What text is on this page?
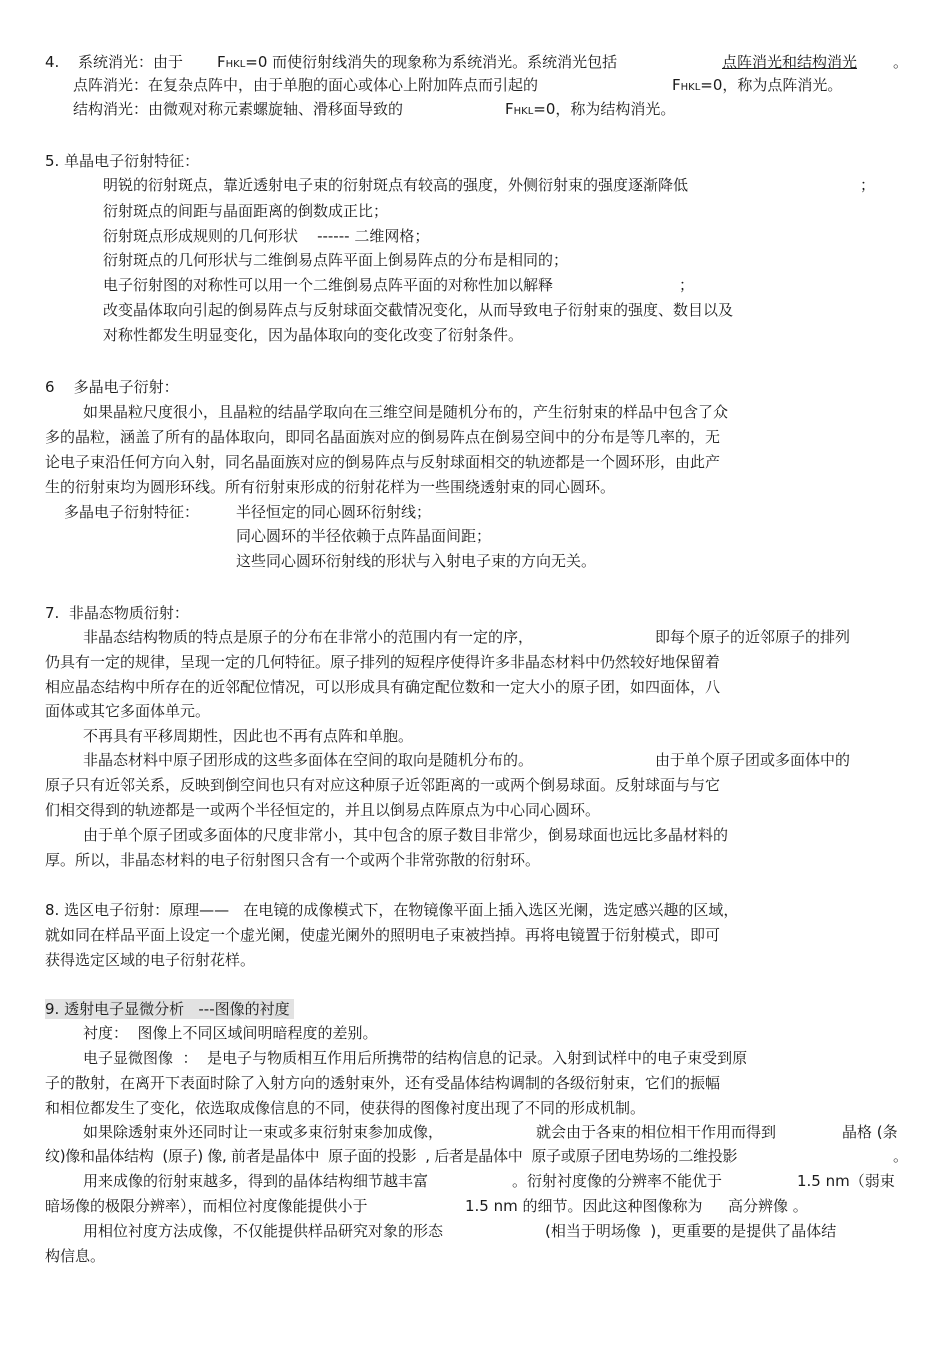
4. 系统消光：由于 FHKL=0 而使衍射线消失的现象称为系统消光。系统消光包括	点阵消光和结构消光 。
点阵消光：在复杂点阵中，由于单胞的面心或体心上附加阵点而引起的	FHKL=0，称为点阵消光。
结构消光：由微观对称元素螺旋轴、滑移面导致的	FHKL=0，称为结构消光。
5. 单晶电子衍射特征：
明锐的衍射斑点，靠近透射电子束的衍射斑点有较高的强度，外侧衍射束的强度逐渐降低	；
衍射斑点的间距与晶面距离的倒数成正比；
衍射斑点形成规则的几何形状    ------ 二维网格；
衍射斑点的几何形状与二维倒易点阵平面上倒易阵点的分布是相同的；
电子衍射图的对称性可以用一个二维倒易点阵平面的对称性加以解释	；
改变晶体取向引起的倒易阵点与反射球面交截情况变化，从而导致电子衍射束的强度、数目以及
对称性都发生明显变化，因为晶体取向的变化改变了衍射条件。
6    多晶电子衍射：
如果晶粒尺度很小，且晶粒的结晶学取向在三维空间是随机分布的，产生衍射束的样品中包含了众
多的晶粒，涵盖了所有的晶体取向，即同名晶面族对应的倒易阵点在倒易空间中的分布是等几率的，无
论电子束沿任何方向入射，同名晶面族对应的倒易阵点与反射球面相交的轨迹都是一个圆环形，由此产
生的衍射束均为圆形环线。所有衍射束形成的衍射花样为一些围绕透射束的同心圆环。
多晶电子衍射特征： 半径恒定的同心圆环衍射线；
同心圆环的半径依赖于点阵晶面间距；
这些同心圆环衍射线的形状与入射电子束的方向无关。
7.  非晶态物质衍射：
非晶态结构物质的特点是原子的分布在非常小的范围内有一定的序，	即每个原子的近邻原子的排列
仍具有一定的规律，呈现一定的几何特征。原子排列的短程序使得许多非晶态材料中仍然较好地保留着
相应晶态结构中所存在的近邻配位情况，可以形成具有确定配位数和一定大小的原子团，如四面体，八
面体或其它多面体单元。
不再具有平移周期性，因此也不再有点阵和单胞。
非晶态材料中原子团形成的这些多面体在空间的取向是随机分布的。	由于单个原子团或多面体中的
原子只有近邻关系，反映到倒空间也只有对应这种原子近邻距离的一或两个倒易球面。反射球面与与它
们相交得到的轨迹都是一或两个半径恒定的，并且以倒易点阵原点为中心同心圆环。
由于单个原子团或多面体的尺度非常小，其中包含的原子数目非常少，倒易球面也远比多晶材料的
厚。所以，非晶态材料的电子衍射图只含有一个或两个非常弥散的衍射环。
8. 选区电子衍射：原理——   在电镜的成像模式下，在物镜像平面上插入选区光阑，选定感兴趣的区域，
就如同在样品平面上设定一个虚光阑，使虚光阑外的照明电子束被挡掉。再将电镜置于衍射模式，即可
获得选定区域的电子衍射花样。
9. 透射电子显微分析   ---图像的衬度
衬度：  图像上不同区域间明暗程度的差别。
电子显微图像  ：  是电子与物质相互作用后所携带的结构信息的记录。入射到试样中的电子束受到原
子的散射，在离开下表面时除了入射方向的透射束外，还有受晶体结构调制的各级衍射束，它们的振幅
和相位都发生了变化，依选取成像信息的不同，使获得的图像衬度出现了不同的形成机制。
如果除透射束外还同时让一束或多束衍射束参加成像，	就会由于各束的相位相干作用而得到	晶格 (条
纹)像和晶体结构  (原子) 像, 前者是晶体中  原子面的投影  , 后者是晶体中  原子或原子团电势场的二维投影	。
用来成像的衍射束越多，得到的晶体结构细节越丰富	。衍射衬度像的分辨率不能优于	1.5 nm（弱束
暗场像的极限分辨率），而相位衬度像能提供小于	1.5 nm 的细节。因此这种图像称为 高分辨像 。
用相位衬度方法成像，不仅能提供样品研究对象的形态	(相当于明场像  )，更重要的是提供了晶体结
构信息。
